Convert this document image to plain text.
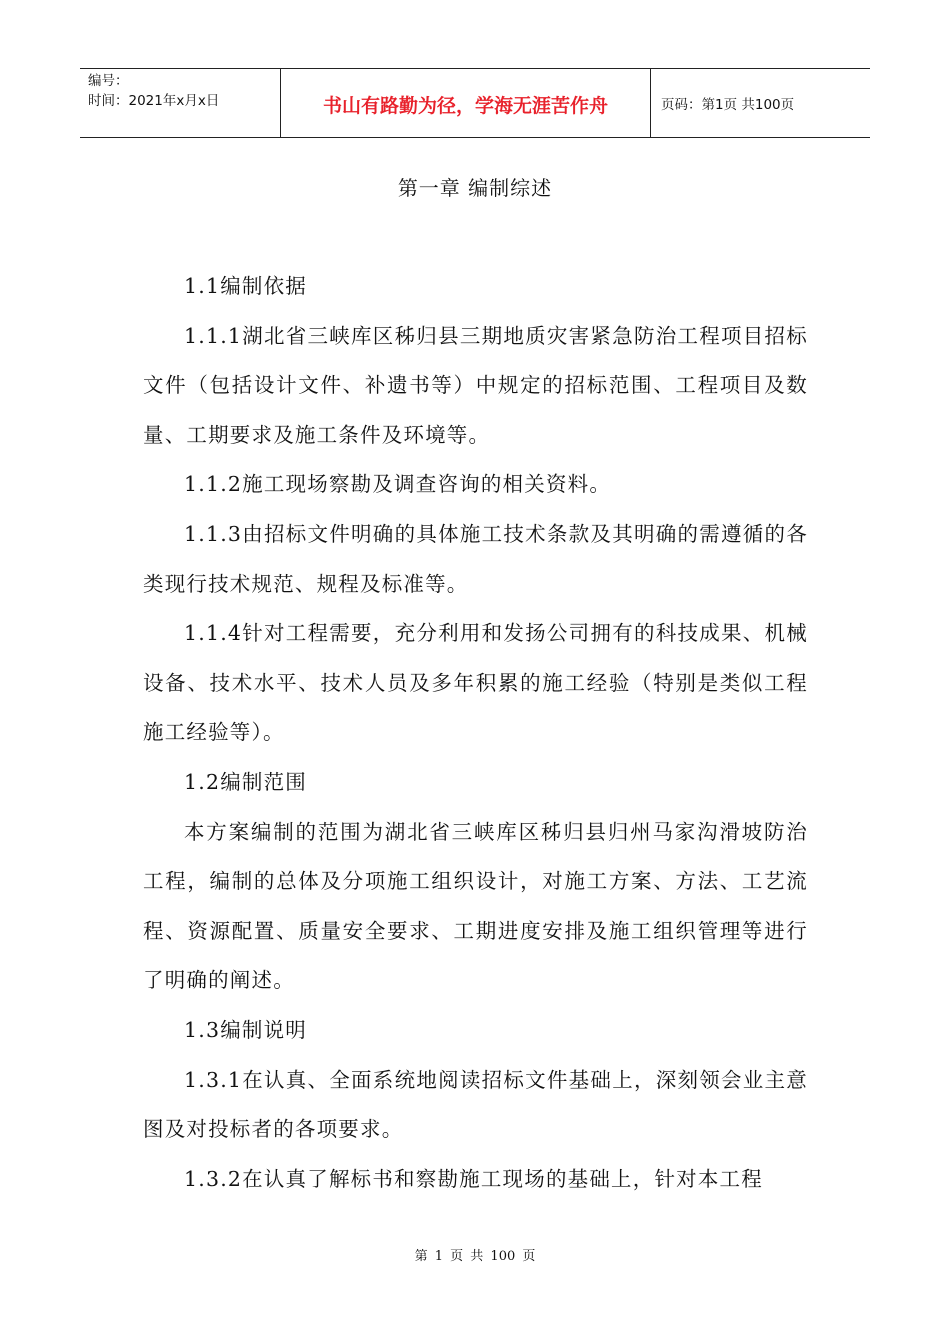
编号：
时间：2021年x月x日	书山有路勤为径，学海无涯苦作舟	页码：第1页 共100页
第一章 编制综述

1.1编制依据

1.1.1湖北省三峡库区秭归县三期地质灾害紧急防治工程项目招标文件（包括设计文件、补遗书等）中规定的招标范围、工程项目及数量、工期要求及施工条件及环境等。

1.1.2施工现场察勘及调查咨询的相关资料。

1.1.3由招标文件明确的具体施工技术条款及其明确的需遵循的各类现行技术规范、规程及标准等。

1.1.4针对工程需要，充分利用和发扬公司拥有的科技成果、机械设备、技术水平、技术人员及多年积累的施工经验（特别是类似工程施工经验等）。

1.2编制范围

本方案编制的范围为湖北省三峡库区秭归县归州马家沟滑坡防治工程，编制的总体及分项施工组织设计，对施工方案、方法、工艺流程、资源配置、质量安全要求、工期进度安排及施工组织管理等进行了明确的阐述。

1.3编制说明

1.3.1在认真、全面系统地阅读招标文件基础上，深刻领会业主意图及对投标者的各项要求。

1.3.2在认真了解标书和察勘施工现场的基础上，针对本工程

第 1 页 共 100 页
